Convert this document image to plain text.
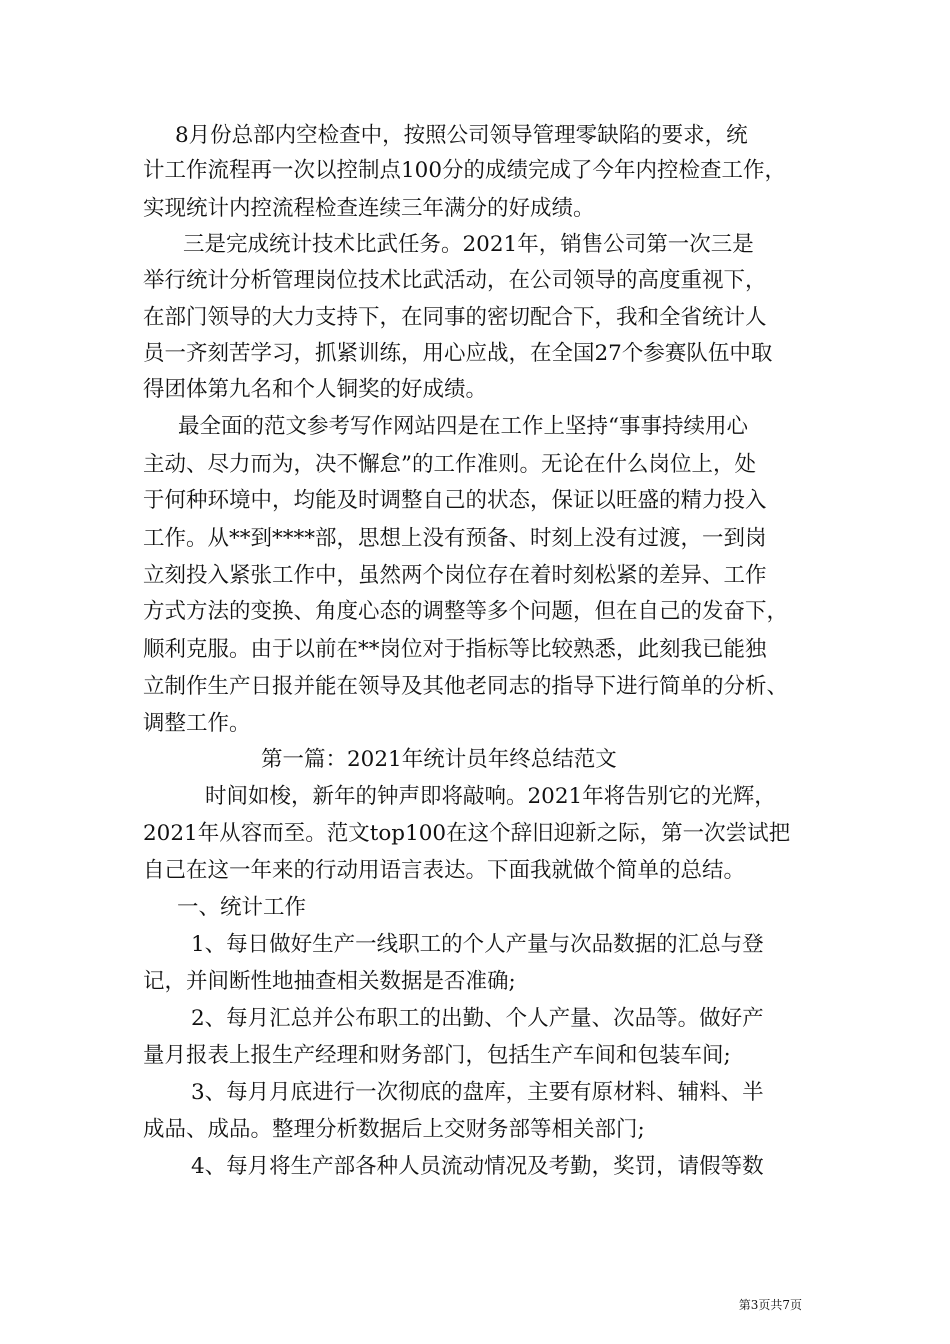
8月份总部内空检查中，按照公司领导管理零缺陷的要求，统
计工作流程再一次以控制点100分的成绩完成了今年内控检查工作，
实现统计内控流程检查连续三年满分的好成绩。
三是完成统计技术比武任务。2021年，销售公司第一次三是
举行统计分析管理岗位技术比武活动，在公司领导的高度重视下，
在部门领导的大力支持下，在同事的密切配合下，我和全省统计人
员一齐刻苦学习，抓紧训练，用心应战，在全国27个参赛队伍中取
得团体第九名和个人铜奖的好成绩。
最全面的范文参考写作网站四是在工作上坚持“事事持续用心
主动、尽力而为，决不懈怠”的工作准则。无论在什么岗位上，处
于何种环境中，均能及时调整自己的状态，保证以旺盛的精力投入
工作。从**到****部，思想上没有预备、时刻上没有过渡，一到岗
立刻投入紧张工作中，虽然两个岗位存在着时刻松紧的差异、工作
方式方法的变换、角度心态的调整等多个问题，但在自己的发奋下，
顺利克服。由于以前在**岗位对于指标等比较熟悉，此刻我已能独
立制作生产日报并能在领导及其他老同志的指导下进行简单的分析、
调整工作。
第一篇：2021年统计员年终总结范文
时间如梭，新年的钟声即将敲响。2021年将告别它的光辉，
2021年从容而至。范文top100在这个辞旧迎新之际，第一次尝试把
自己在这一年来的行动用语言表达。下面我就做个简单的总结。
一、统计工作
1、每日做好生产一线职工的个人产量与次品数据的汇总与登
记，并间断性地抽查相关数据是否准确;
2、每月汇总并公布职工的出勤、个人产量、次品等。做好产
量月报表上报生产经理和财务部门，包括生产车间和包装车间;
3、每月月底进行一次彻底的盘库，主要有原材料、辅料、半
成品、成品。整理分析数据后上交财务部等相关部门;
4、每月将生产部各种人员流动情况及考勤，奖罚，请假等数
第3页共7页
